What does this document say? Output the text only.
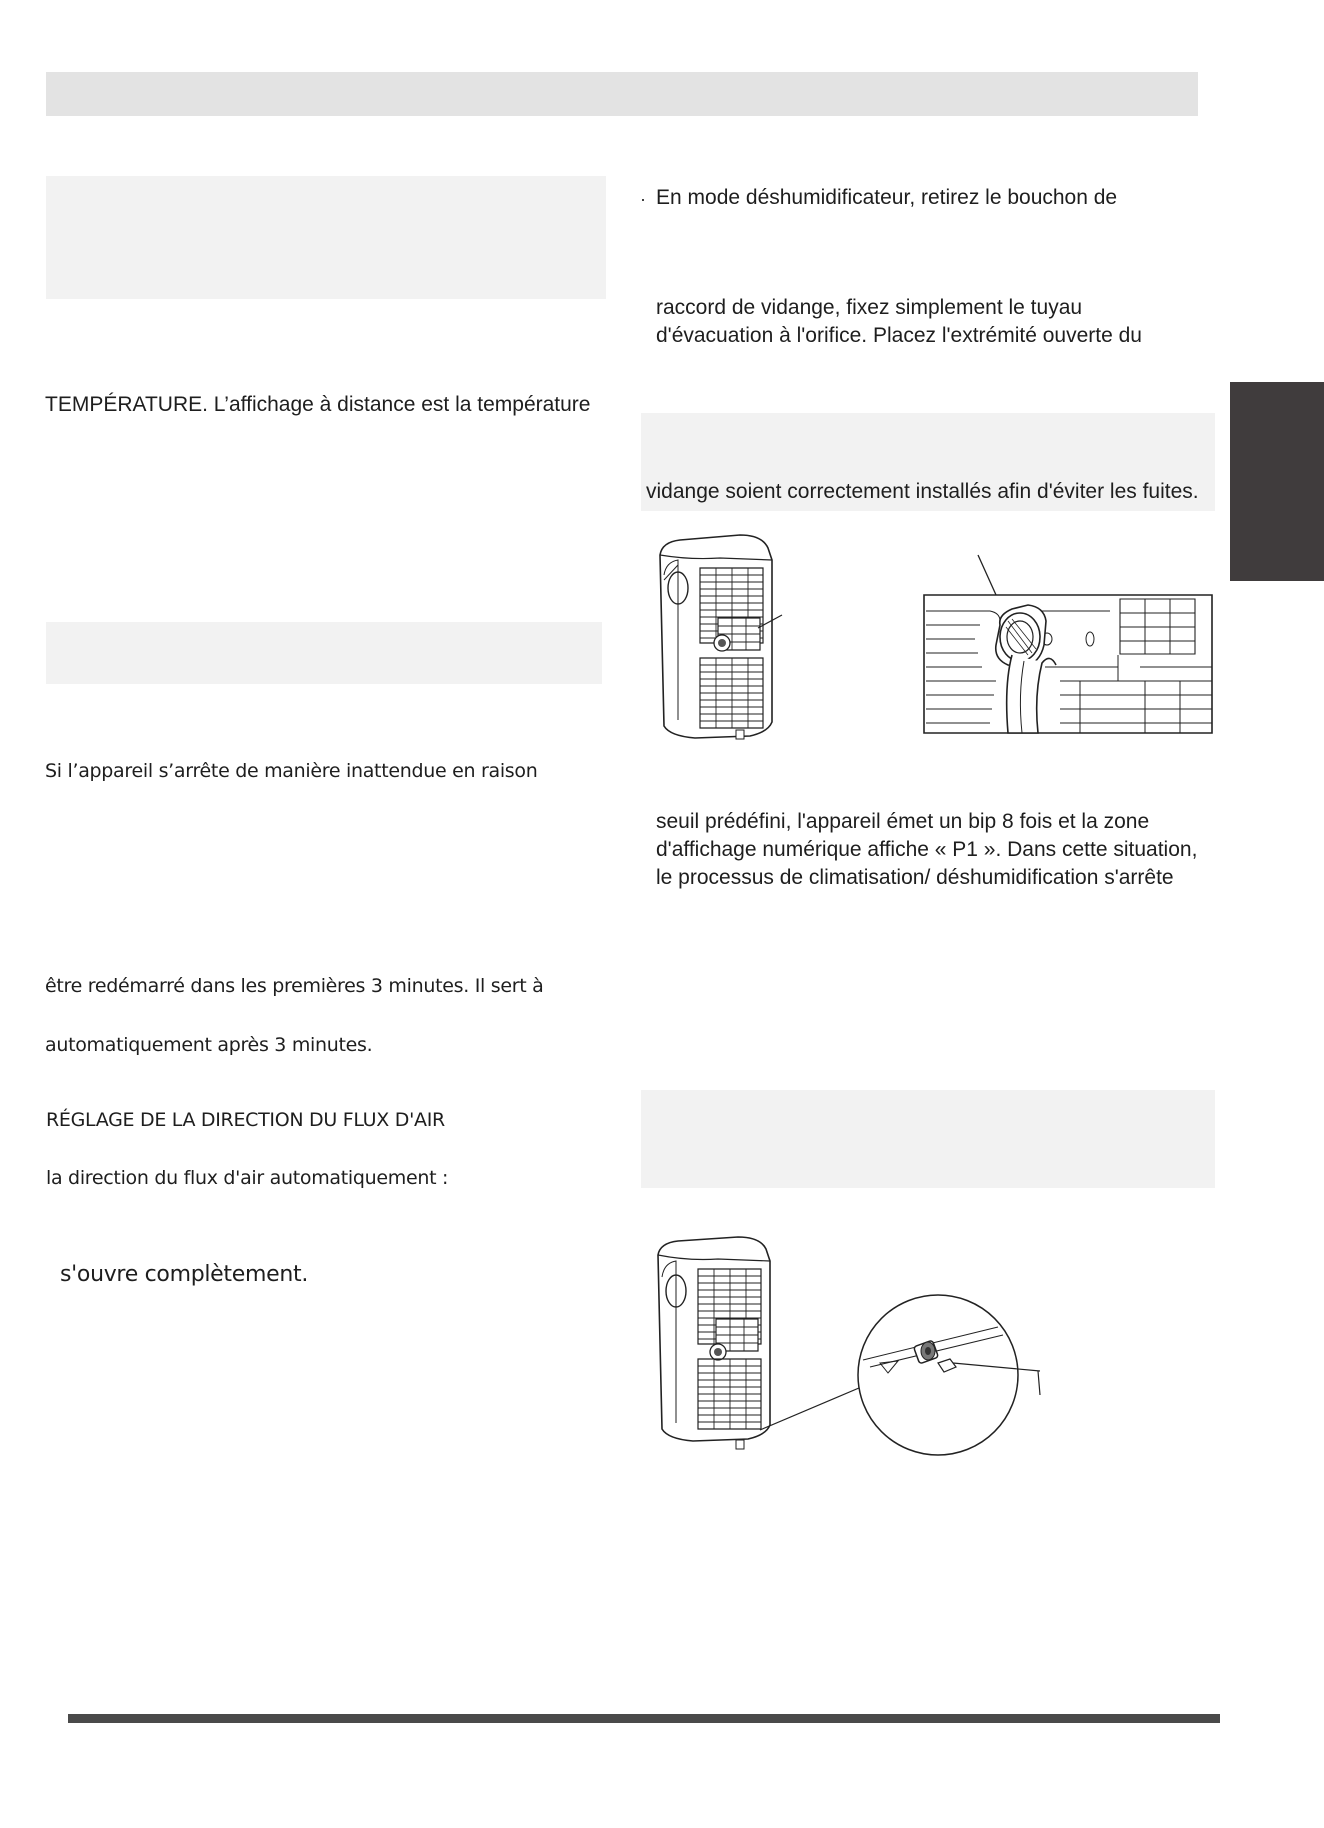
TEMPÉRATURE. L’affichage à distance est la température
Si l’appareil s’arrête de manière inattendue en raison
être redémarré dans les premières 3 minutes. Il sert à
automatiquement après 3 minutes.
RÉGLAGE DE LA DIRECTION DU FLUX D'AIR
la direction du flux d'air automatiquement :
s'ouvre complètement.
· En mode déshumidificateur, retirez le bouchon de
raccord de vidange, fixez simplement le tuyau
d'évacuation à l'orifice. Placez l'extrémité ouverte du
vidange soient correctement installés afin d'éviter les fuites.
seuil prédéfini, l'appareil émet un bip 8 fois et la zone
d'affichage numérique affiche « P1 ». Dans cette situation,
le processus de climatisation/ déshumidification s'arrête
